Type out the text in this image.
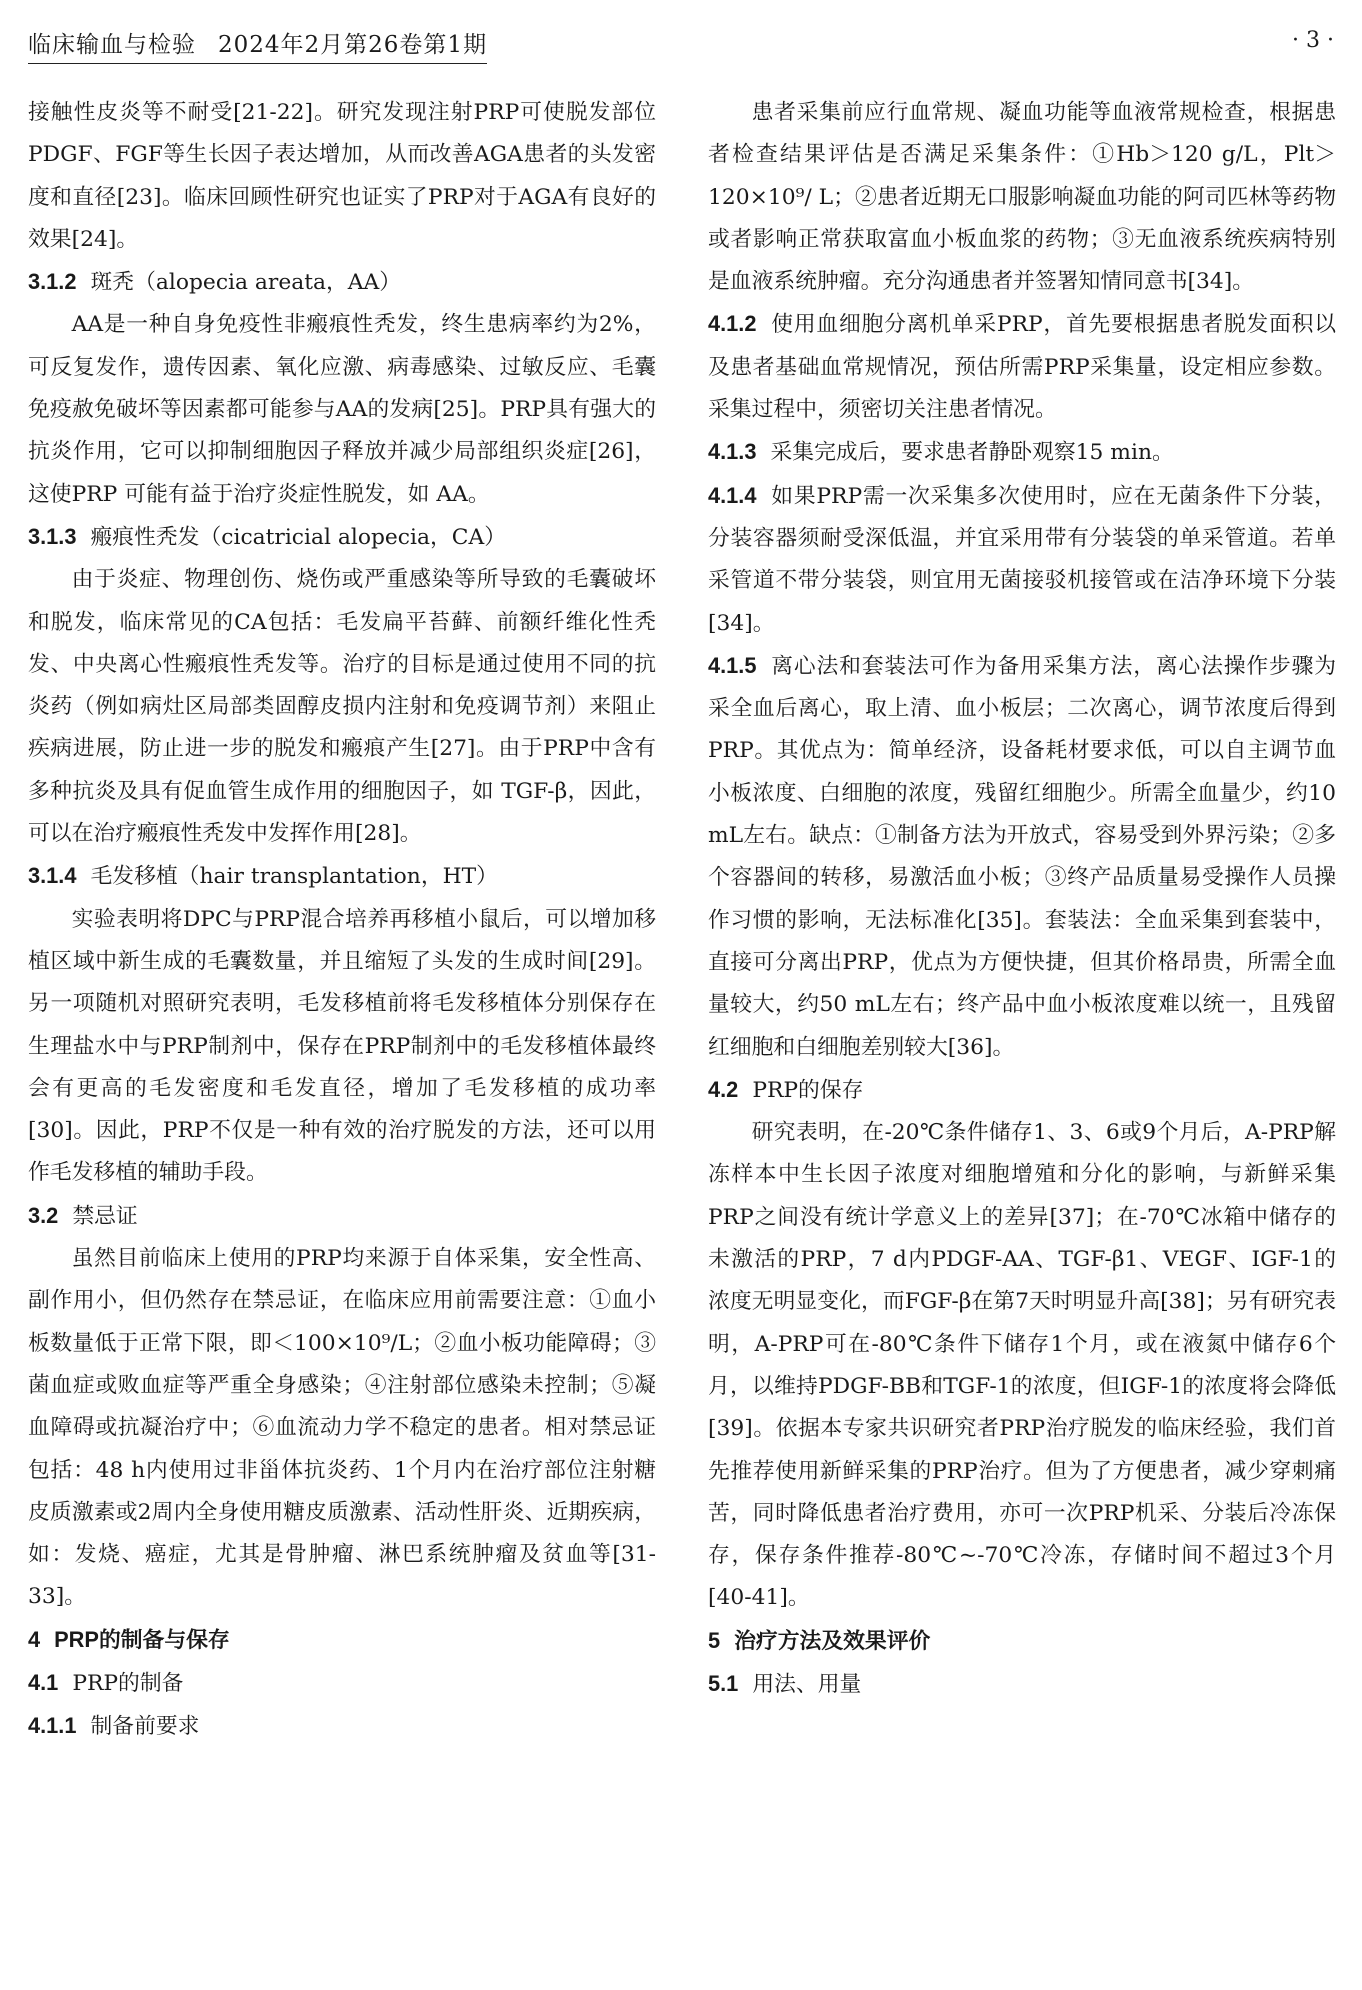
临床输血与检验 2024年2月第26卷第1期	· 3 ·

接触性皮炎等不耐受[21-22]。研究发现注射PRP可使脱发部位PDGF、FGF等生长因子表达增加，从而改善AGA患者的头发密度和直径[23]。临床回顾性研究也证实了PRP对于AGA有良好的效果[24]。

3.1.2 斑秃（alopecia areata，AA）

AA是一种自身免疫性非瘢痕性秃发，终生患病率约为2%，可反复发作，遗传因素、氧化应激、病毒感染、过敏反应、毛囊免疫赦免破坏等因素都可能参与AA的发病[25]。PRP具有强大的抗炎作用，它可以抑制细胞因子释放并减少局部组织炎症[26]，这使PRP 可能有益于治疗炎症性脱发，如 AA。

3.1.3 瘢痕性秃发（cicatricial alopecia，CA）

由于炎症、物理创伤、烧伤或严重感染等所导致的毛囊破坏和脱发，临床常见的CA包括：毛发扁平苔藓、前额纤维化性秃发、中央离心性瘢痕性秃发等。治疗的目标是通过使用不同的抗炎药（例如病灶区局部类固醇皮损内注射和免疫调节剂）来阻止疾病进展，防止进一步的脱发和瘢痕产生[27]。由于PRP中含有多种抗炎及具有促血管生成作用的细胞因子，如 TGF-β，因此，可以在治疗瘢痕性秃发中发挥作用[28]。

3.1.4 毛发移植（hair transplantation，HT）

实验表明将DPC与PRP混合培养再移植小鼠后，可以增加移植区域中新生成的毛囊数量，并且缩短了头发的生成时间[29]。另一项随机对照研究表明，毛发移植前将毛发移植体分别保存在生理盐水中与PRP制剂中，保存在PRP制剂中的毛发移植体最终会有更高的毛发密度和毛发直径，增加了毛发移植的成功率[30]。因此，PRP不仅是一种有效的治疗脱发的方法，还可以用作毛发移植的辅助手段。

3.2 禁忌证

虽然目前临床上使用的PRP均来源于自体采集，安全性高、副作用小，但仍然存在禁忌证，在临床应用前需要注意：①血小板数量低于正常下限，即＜100×10⁹/L；②血小板功能障碍；③菌血症或败血症等严重全身感染；④注射部位感染未控制；⑤凝血障碍或抗凝治疗中；⑥血流动力学不稳定的患者。相对禁忌证包括：48 h内使用过非甾体抗炎药、1个月内在治疗部位注射糖皮质激素或2周内全身使用糖皮质激素、活动性肝炎、近期疾病，如：发烧、癌症，尤其是骨肿瘤、淋巴系统肿瘤及贫血等[31-33]。

4 PRP的制备与保存
4.1 PRP的制备
4.1.1 制备前要求

患者采集前应行血常规、凝血功能等血液常规检查，根据患者检查结果评估是否满足采集条件：①Hb＞120 g/L，Plt＞120×10⁹/ L；②患者近期无口服影响凝血功能的阿司匹林等药物或者影响正常获取富血小板血浆的药物；③无血液系统疾病特别是血液系统肿瘤。充分沟通患者并签署知情同意书[34]。

4.1.2 使用血细胞分离机单采PRP，首先要根据患者脱发面积以及患者基础血常规情况，预估所需PRP采集量，设定相应参数。采集过程中，须密切关注患者情况。

4.1.3 采集完成后，要求患者静卧观察15 min。

4.1.4 如果PRP需一次采集多次使用时，应在无菌条件下分装，分装容器须耐受深低温，并宜采用带有分装袋的单采管道。若单采管道不带分装袋，则宜用无菌接驳机接管或在洁净环境下分装[34]。

4.1.5 离心法和套装法可作为备用采集方法，离心法操作步骤为采全血后离心，取上清、血小板层；二次离心，调节浓度后得到PRP。其优点为：简单经济，设备耗材要求低，可以自主调节血小板浓度、白细胞的浓度，残留红细胞少。所需全血量少，约10 mL左右。缺点：①制备方法为开放式，容易受到外界污染；②多个容器间的转移，易激活血小板；③终产品质量易受操作人员操作习惯的影响，无法标准化[35]。套装法：全血采集到套装中，直接可分离出PRP，优点为方便快捷，但其价格昂贵，所需全血量较大，约50 mL左右；终产品中血小板浓度难以统一，且残留红细胞和白细胞差别较大[36]。

4.2 PRP的保存

研究表明，在-20℃条件储存1、3、6或9个月后，A-PRP解冻样本中生长因子浓度对细胞增殖和分化的影响，与新鲜采集PRP之间没有统计学意义上的差异[37]；在-70℃冰箱中储存的未激活的PRP，7 d内PDGF-AA、TGF-β1、VEGF、IGF-1的浓度无明显变化，而FGF-β在第7天时明显升高[38]；另有研究表明，A-PRP可在-80℃条件下储存1个月，或在液氮中储存6个月，以维持PDGF-BB和TGF-1的浓度，但IGF-1的浓度将会降低[39]。依据本专家共识研究者PRP治疗脱发的临床经验，我们首先推荐使用新鲜采集的PRP治疗。但为了方便患者，减少穿刺痛苦，同时降低患者治疗费用，亦可一次PRP机采、分装后冷冻保存，保存条件推荐-80℃~-70℃冷冻，存储时间不超过3个月[40-41]。

5 治疗方法及效果评价
5.1 用法、用量
